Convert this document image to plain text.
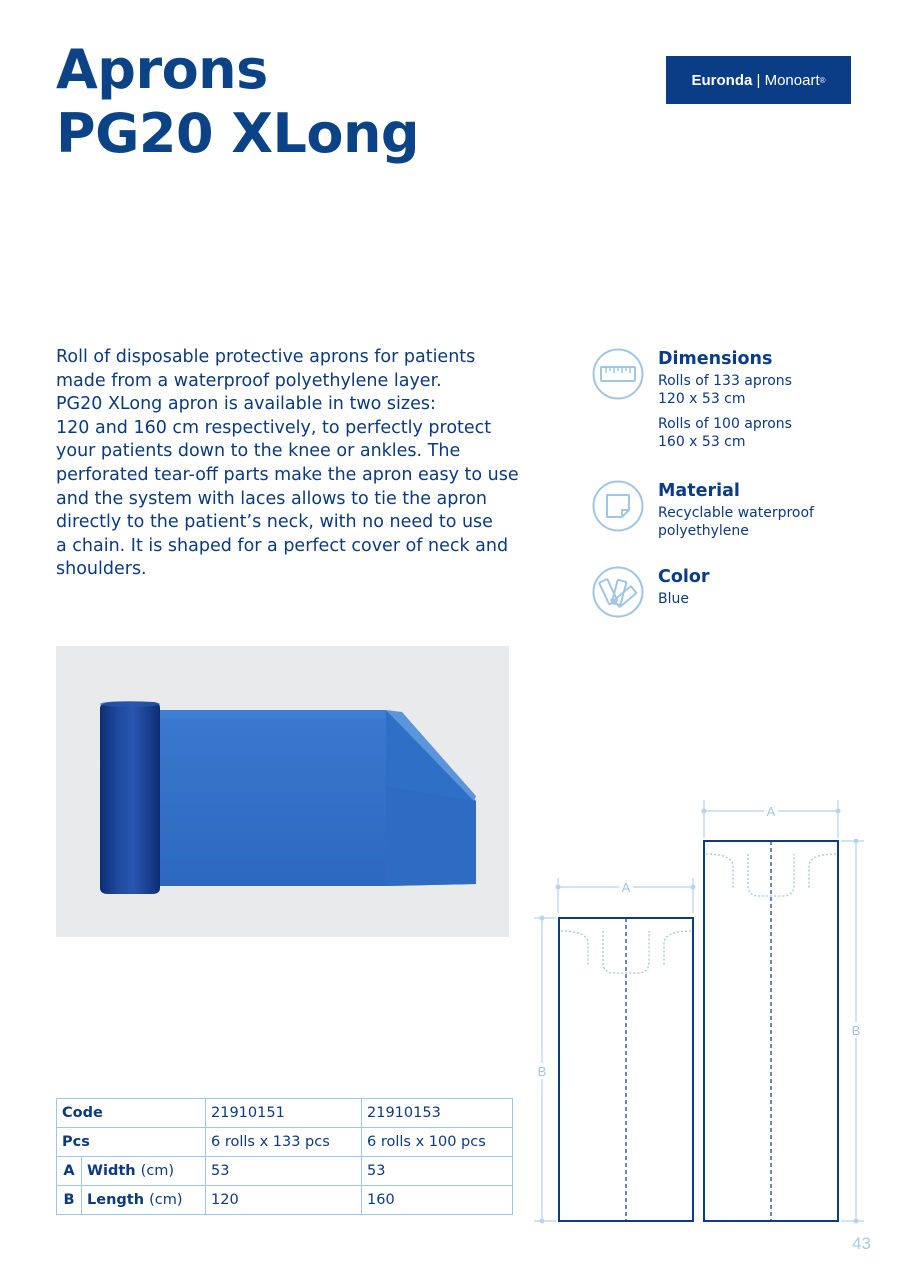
Aprons
PG20 XLong
Euronda
|
Monoart ®
Roll of disposable protective aprons for patients
made from a waterproof polyethylene layer.
PG20 XLong apron is available in two sizes:
120 and 160 cm respectively, to perfectly protect
your patients down to the knee or ankles. The
perforated tear-off parts make the apron easy to use
and the system with laces allows to tie the apron
directly to the patient’s neck, with no need to use
a chain. It is shaped for a perfect cover of neck and
shoulders.
Dimensions

Rolls of 133 aprons
120 x 53 cm

Rolls of 100 aprons
160 x 53 cm

Material

Recyclable waterproof
polyethylene

Color

Blue

A
B
A
B
Code		21910151	21910153
Pcs		6 rolls x 133 pcs	6 rolls x 100 pcs
A	Width (cm)	53	53
B	Length (cm)	120	160
43
